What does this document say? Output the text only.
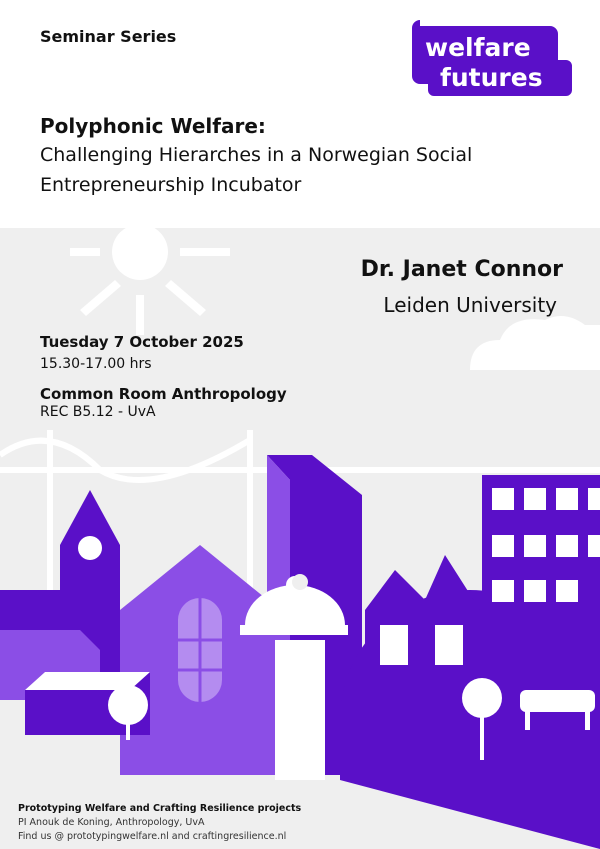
welfare
futures
Seminar Series
Polyphonic Welfare:
Challenging Hierarches in a Norwegian Social
Entrepreneurship Incubator
Dr. Janet Connor
Leiden University
Tuesday 7 October 2025
15.30-17.00 hrs
Common Room Anthropology
REC B5.12 - UvA
Prototyping Welfare and Crafting Resilience projects
PI Anouk de Koning, Anthropology, UvA
Find us @ prototypingwelfare.nl and craftingresilience.nl
